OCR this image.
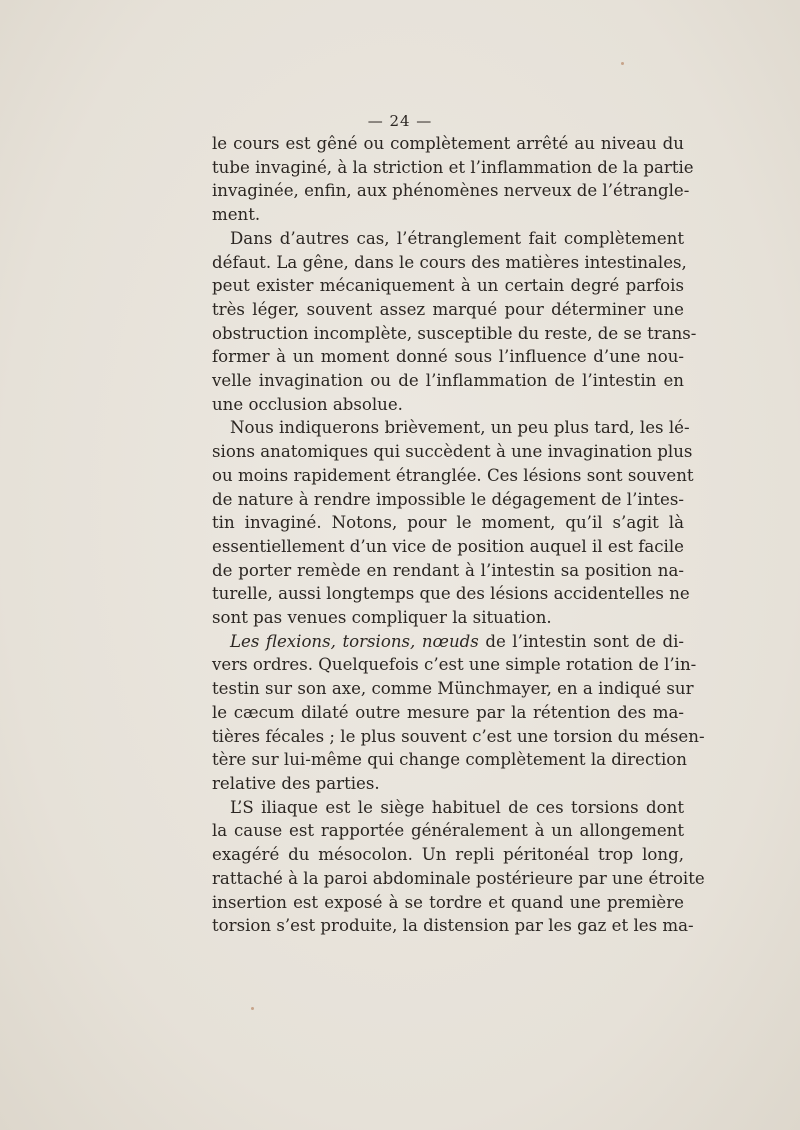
— 24 —
le cours est gêné ou complètement arrêté au niveau du
tube invaginé, à la striction et l’inflammation de la partie
invaginée, enfin, aux phénomènes nerveux de l’étrangle-
ment.
Dans d’autres cas, l’étranglement fait complètement
défaut. La gêne, dans le cours des matières intestinales,
peut exister mécaniquement à un certain degré parfois
très léger, souvent assez marqué pour déterminer une
obstruction incomplète, susceptible du reste, de se trans-
former à un moment donné sous l’influence d’une nou-
velle invagination ou de l’inflammation de l’intestin en
une occlusion absolue.
Nous indiquerons brièvement, un peu plus tard, les lé-
sions anatomiques qui succèdent à une invagination plus
ou moins rapidement étranglée. Ces lésions sont souvent
de nature à rendre impossible le dégagement de l’intes-
tin invaginé. Notons, pour le moment, qu’il s’agit là
essentiellement d’un vice de position auquel il est facile
de porter remède en rendant à l’intestin sa position na-
turelle, aussi longtemps que des lésions accidentelles ne
sont pas venues compliquer la situation.
Les flexions, torsions, nœuds de l’intestin sont de di-
vers ordres. Quelquefois c’est une simple rotation de l’in-
testin sur son axe, comme Münchmayer, en a indiqué sur
le cæcum dilaté outre mesure par la rétention des ma-
tières fécales ; le plus souvent c’est une torsion du mésen-
tère sur lui-même qui change complètement la direction
relative des parties.
L’S iliaque est le siège habituel de ces torsions dont
la cause est rapportée généralement à un allongement
exagéré du mésocolon. Un repli péritonéal trop long,
rattaché à la paroi abdominale postérieure par une étroite
insertion est exposé à se tordre et quand une première
torsion s’est produite, la distension par les gaz et les ma-
